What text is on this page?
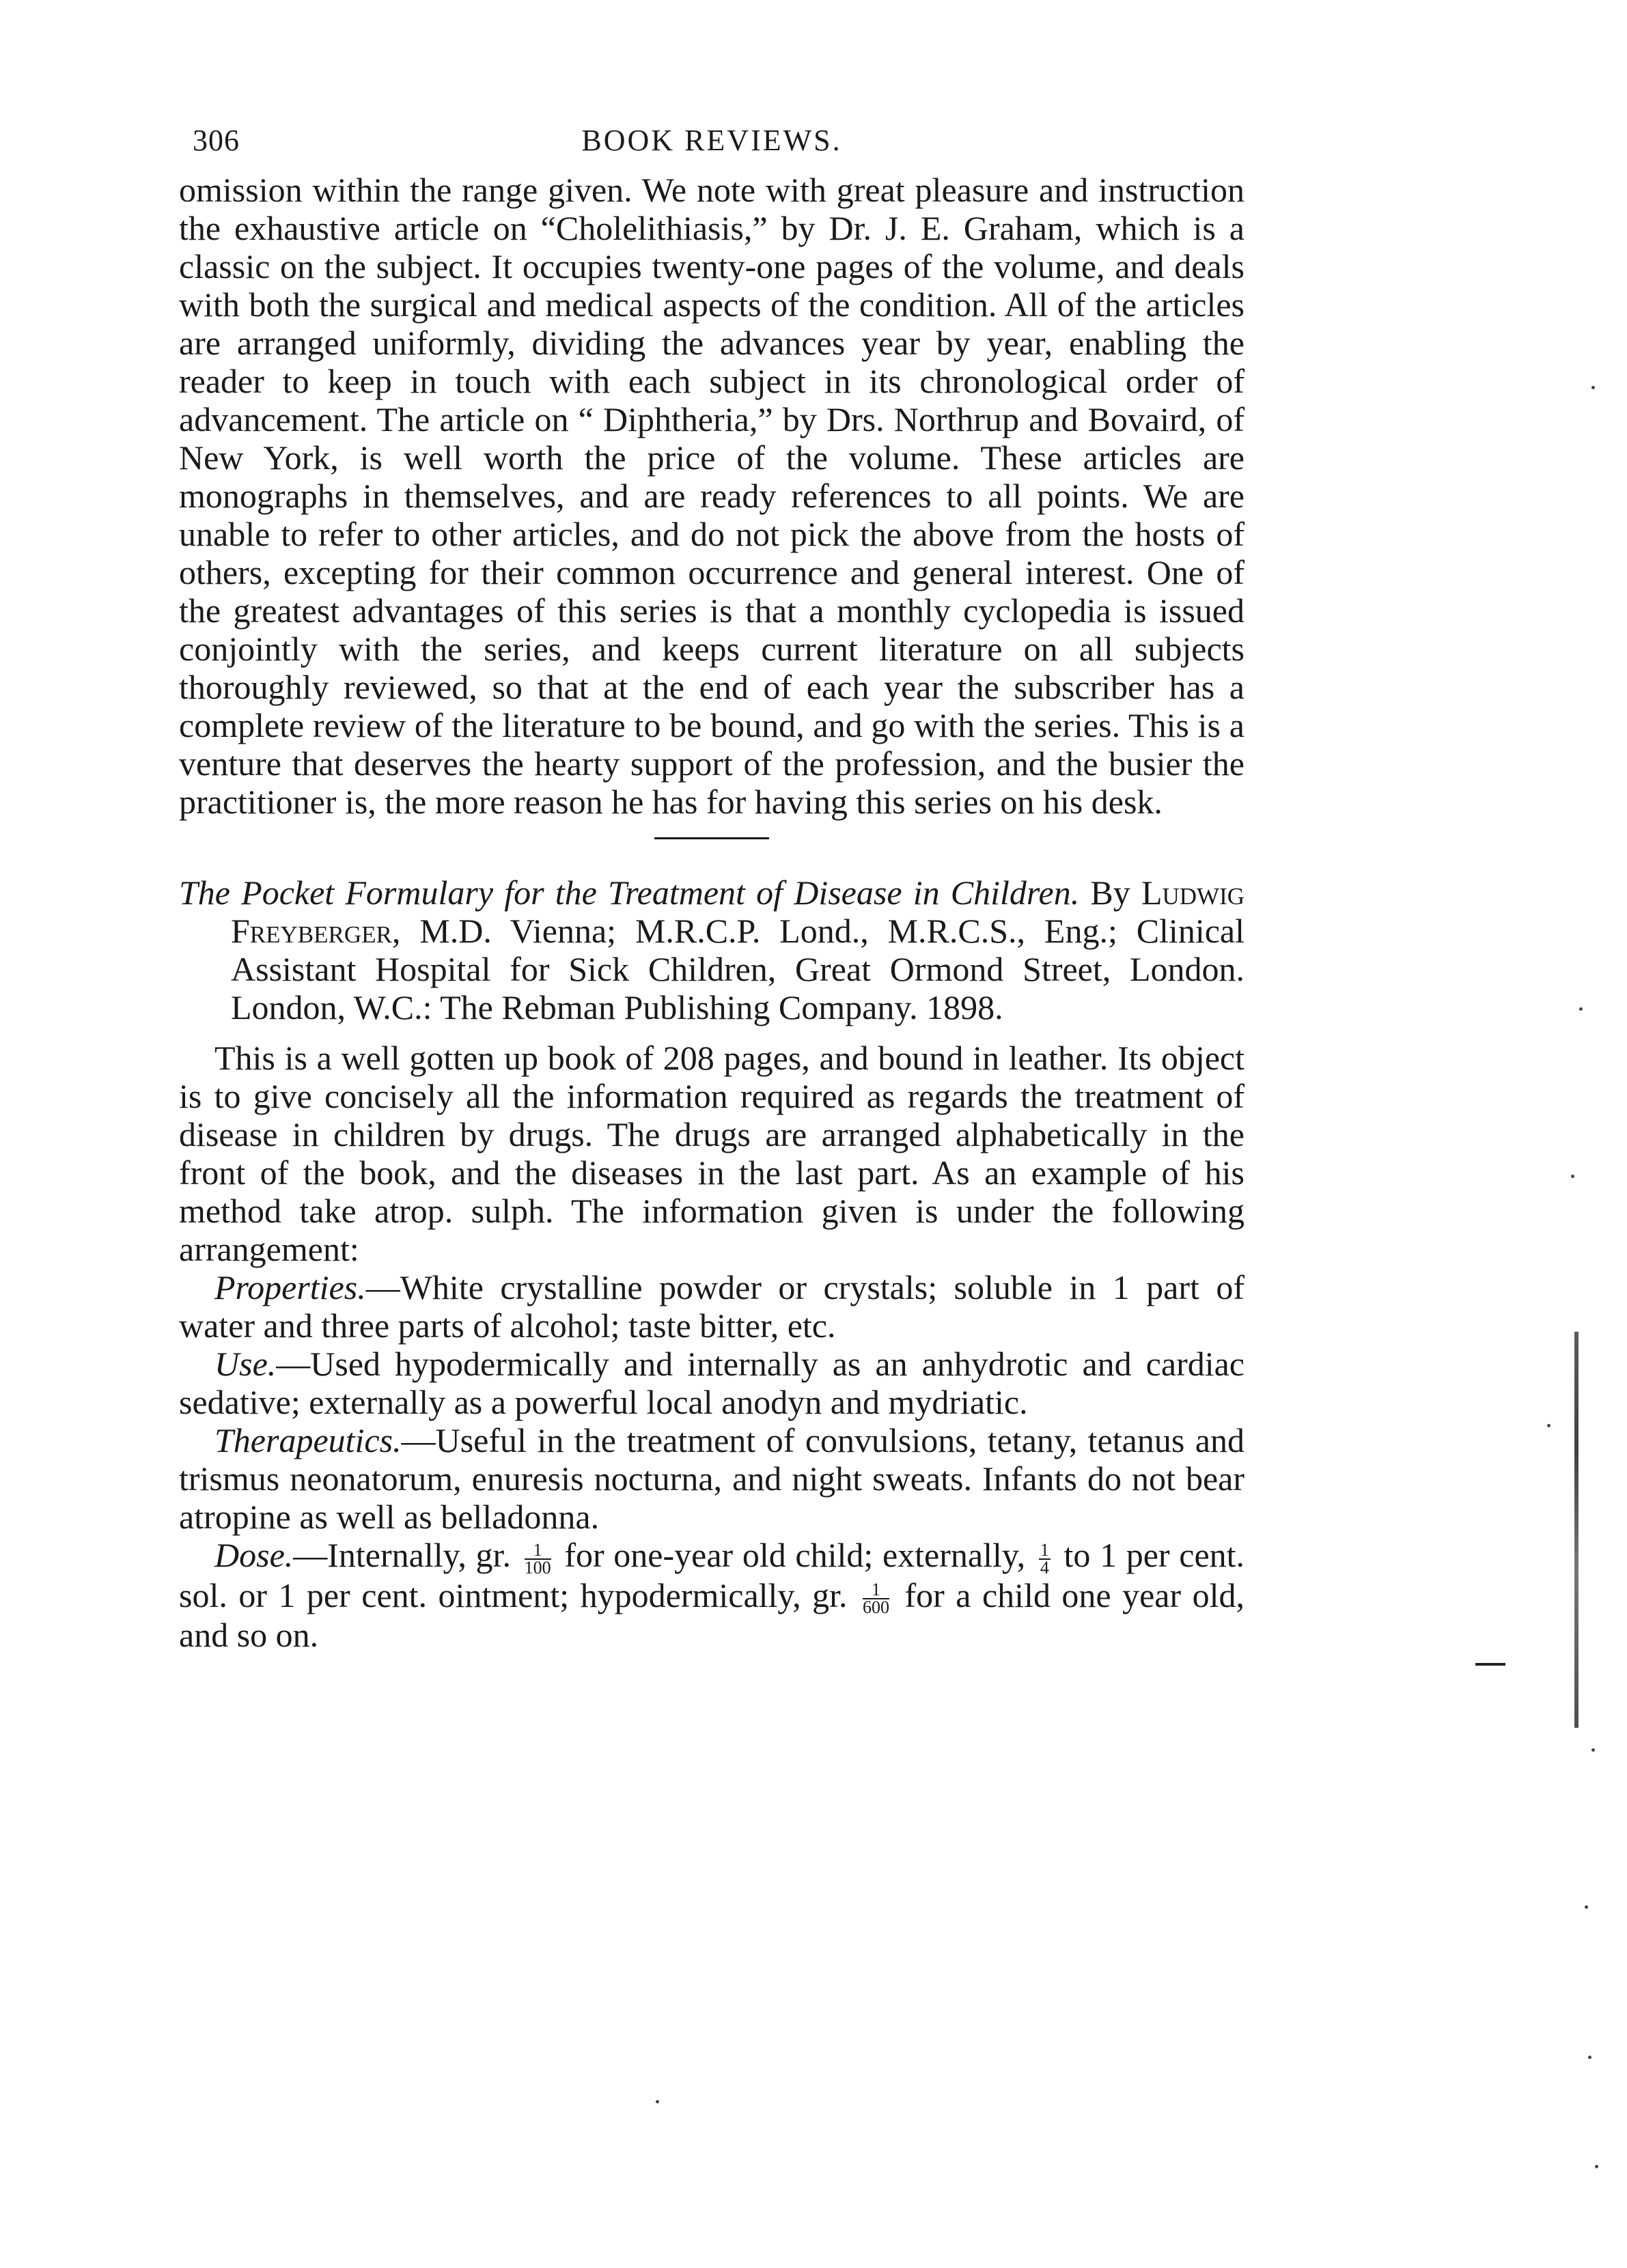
306	BOOK REVIEWS.

omission within the range given. We note with great pleasure and instruction the exhaustive article on “Cholelithiasis,” by Dr. J. E. Graham, which is a classic on the subject. It occupies twenty-one pages of the volume, and deals with both the surgical and medical aspects of the condition. All of the articles are arranged uniformly, dividing the advances year by year, enabling the reader to keep in touch with each subject in its chronological order of advancement. The article on “ Diphtheria,” by Drs. Northrup and Bovaird, of New York, is well worth the price of the volume. These articles are monographs in themselves, and are ready references to all points. We are unable to refer to other articles, and do not pick the above from the hosts of others, excepting for their common occurrence and general interest. One of the greatest advantages of this series is that a monthly cyclopedia is issued conjointly with the series, and keeps current literature on all subjects thoroughly reviewed, so that at the end of each year the subscriber has a complete review of the literature to be bound, and go with the series. This is a venture that deserves the hearty support of the profession, and the busier the practitioner is, the more reason he has for having this series on his desk.

The Pocket Formulary for the Treatment of Disease in Children. By Ludwig Freyberger, M.D. Vienna; M.R.C.P. Lond., M.R.C.S., Eng.; Clinical Assistant Hospital for Sick Children, Great Ormond Street, London. London, W.C.: The Rebman Publishing Company. 1898.

This is a well gotten up book of 208 pages, and bound in leather. Its object is to give concisely all the information required as regards the treatment of disease in children by drugs. The drugs are arranged alphabetically in the front of the book, and the diseases in the last part. As an example of his method take atrop. sulph. The information given is under the following arrangement:

Properties.—White crystalline powder or crystals; soluble in 1 part of water and three parts of alcohol; taste bitter, etc.

Use.—Used hypodermically and internally as an anhydrotic and cardiac sedative; externally as a powerful local anodyn and mydriatic.

Therapeutics.—Useful in the treatment of convulsions, tetany, tetanus and trismus neonatorum, enuresis nocturna, and night sweats. Infants do not bear atropine as well as belladonna.

Dose.—Internally, gr. $\frac{1}{100}$ for one-year old child; externally, $\frac{1}{4}$ to 1 per cent. sol. or 1 per cent. ointment; hypodermically, gr. $\frac{1}{600}$ for a child one year old, and so on.
